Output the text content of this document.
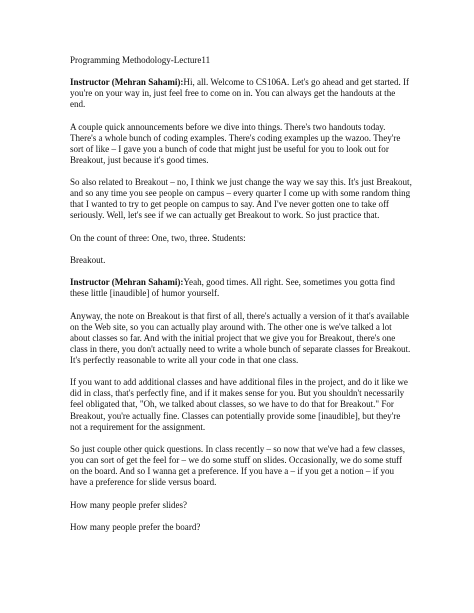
Programming Methodology-Lecture11

Instructor (Mehran Sahami):Hi, all. Welcome to CS106A. Let's go ahead and get started. If you're on your way in, just feel free to come on in. You can always get the handouts at the end.

A couple quick announcements before we dive into things. There's two handouts today. There's a whole bunch of coding examples. There's coding examples up the wazoo. They're sort of like – I gave you a bunch of code that might just be useful for you to look out for Breakout, just because it's good times.

So also related to Breakout – no, I think we just change the way we say this. It's just Breakout, and so any time you see people on campus – every quarter I come up with some random thing that I wanted to try to get people on campus to say. And I've never gotten one to take off seriously. Well, let's see if we can actually get Breakout to work. So just practice that.

On the count of three: One, two, three. Students:

Breakout.

Instructor (Mehran Sahami):Yeah, good times. All right. See, sometimes you gotta find these little [inaudible] of humor yourself.

Anyway, the note on Breakout is that first of all, there's actually a version of it that's available on the Web site, so you can actually play around with. The other one is we've talked a lot about classes so far. And with the initial project that we give you for Breakout, there's one class in there, you don't actually need to write a whole bunch of separate classes for Breakout. It's perfectly reasonable to write all your code in that one class.

If you want to add additional classes and have additional files in the project, and do it like we did in class, that's perfectly fine, and if it makes sense for you. But you shouldn't necessarily feel obligated that, "Oh, we talked about classes, so we have to do that for Breakout." For Breakout, you're actually fine. Classes can potentially provide some [inaudible], but they're not a requirement for the assignment.

So just couple other quick questions. In class recently – so now that we've had a few classes, you can sort of get the feel for – we do some stuff on slides. Occasionally, we do some stuff on the board. And so I wanna get a preference. If you have a – if you get a notion – if you have a preference for slide versus board.

How many people prefer slides?

How many people prefer the board?
